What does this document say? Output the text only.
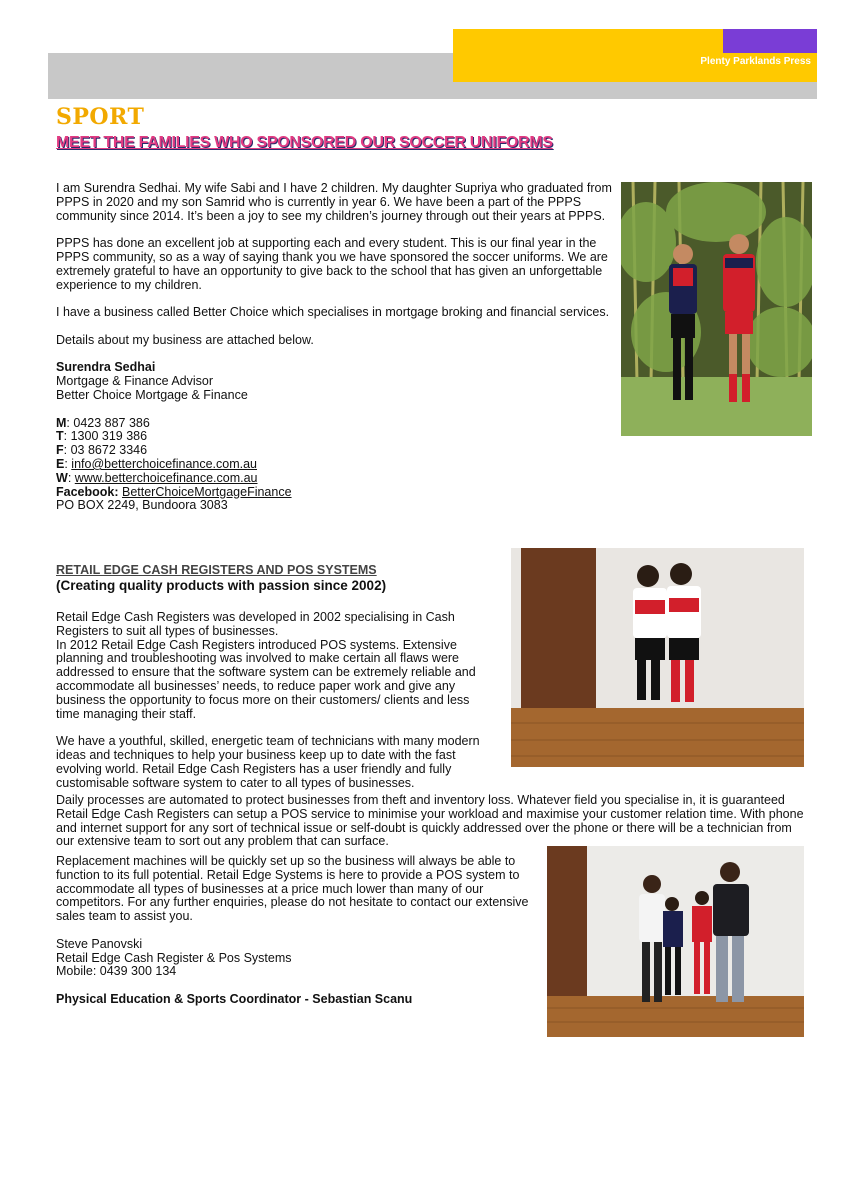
Plenty Parklands Press
SPORT
MEET THE FAMILIES WHO SPONSORED OUR SOCCER UNIFORMS

I am Surendra Sedhai. My wife Sabi and I have 2 children. My daughter Supriya who graduated from PPPS in 2020 and my son Samrid who is currently in year 6. We have been a part of the PPPS community since 2014. It’s been a joy to see my children’s journey through out their years at PPPS.

PPPS has done an excellent job at supporting each and every student. This is our final year in the PPPS community, so as a way of saying thank you we have sponsored the soccer uniforms. We are extremely grateful to have an opportunity to give back to the school that has given an unforgettable experience to my children.

I have a business called Better Choice which specialises in mortgage broking and financial services.

Details about my business are attached below.

Surendra Sedhai

Mortgage & Finance Advisor

Better Choice Mortgage & Finance

M: 0423 887 386

T: 1300 319 386

F: 03 8672 3346

E: info@betterchoicefinance.com.au

W: www.betterchoicefinance.com.au

Facebook: BetterChoiceMortgageFinance

PO BOX 2249, Bundoora 3083

RETAIL EDGE CASH REGISTERS AND POS SYSTEMS

(Creating quality products with passion since 2002)

Retail Edge Cash Registers was developed in 2002 specialising in Cash Registers to suit all types of businesses.

In 2012 Retail Edge Cash Registers introduced POS systems. Extensive planning and troubleshooting was involved to make certain all flaws were addressed to ensure that the software system can be extremely reliable and accommodate all businesses’ needs, to reduce paper work and give any business the opportunity to focus more on their customers/ clients and less time managing their staff.

We have a youthful, skilled, energetic team of technicians with many modern ideas and techniques to help your business keep up to date with the fast evolving world. Retail Edge Cash Registers has a user friendly and fully customisable software system to cater to all types of businesses.

Daily processes are automated to protect businesses from theft and inventory loss. Whatever field you specialise in, it is guaranteed Retail Edge Cash Registers can setup a POS service to minimise your workload and maximise your customer relation time. With phone and internet support for any sort of technical issue or self-doubt is quickly addressed over the phone or there will be a technician from our extensive team to sort out any problem that can surface.

Replacement machines will be quickly set up so the business will always be able to function to its full potential. Retail Edge Systems is here to provide a POS system to accommodate all types of businesses at a price much lower than many of our competitors. For any further enquiries, please do not hesitate to contact our extensive sales team to assist you.

Steve Panovski

Retail Edge Cash Register & Pos Systems

Mobile: 0439 300 134

Physical Education & Sports Coordinator - Sebastian Scanu
